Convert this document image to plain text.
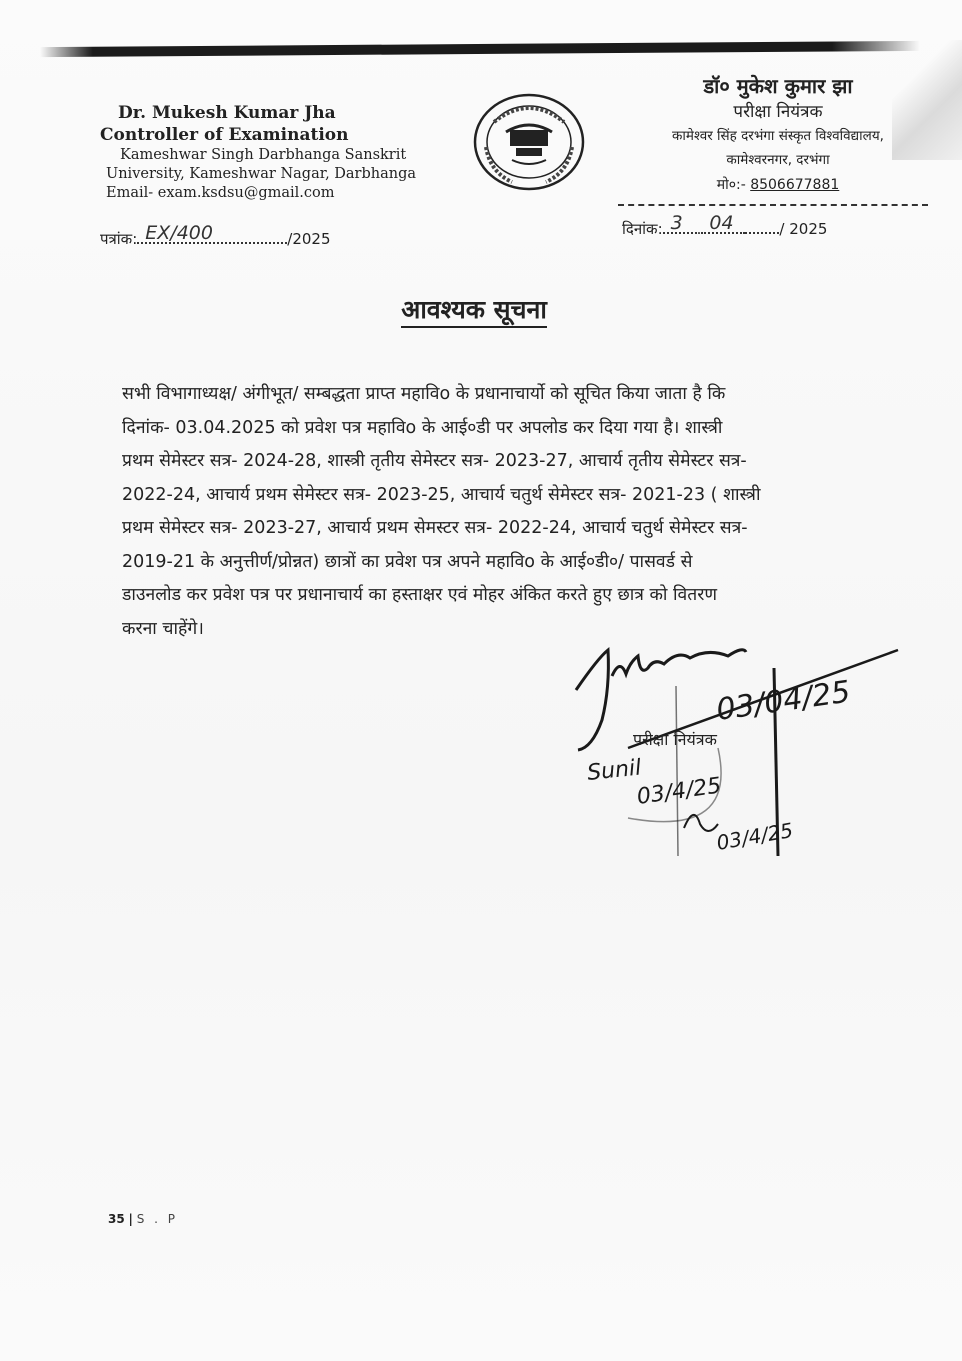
Dr. Mukesh Kumar Jha
Controller of Examination
Kameshwar Singh Darbhanga Sanskrit
University, Kameshwar Nagar, Darbhanga
Email- exam.ksdsu@gmail.com
डॉ० मुकेश कुमार झा
परीक्षा नियंत्रक
कामेश्वर सिंह दरभंगा संस्कृत विश्वविद्यालय,
कामेश्वरनगर, दरभंगा
मो०:- 8506677881
पत्रांक: EX/400	/2025
दिनांक: 3 . 04	/ 2025
आवश्यक सूचना
सभी विभागाध्यक्ष/ अंगीभूत/ सम्बद्धता प्राप्त महाविo के प्रधानाचार्यो को सूचित किया जाता है कि
दिनांक- 03.04.2025 को प्रवेश पत्र महाविo के आई०डी पर अपलोड कर दिया गया है। शास्त्री
प्रथम सेमेस्टर सत्र- 2024-28, शास्त्री तृतीय सेमेस्टर सत्र- 2023-27, आचार्य तृतीय सेमेस्टर सत्र-
2022-24, आचार्य प्रथम सेमेस्टर सत्र- 2023-25, आचार्य चतुर्थ सेमेस्टर सत्र- 2021-23 ( शास्त्री
प्रथम सेमेस्टर सत्र- 2023-27, आचार्य प्रथम सेमस्टर सत्र- 2022-24, आचार्य चतुर्थ सेमेस्टर सत्र-
2019-21 के अनुत्तीर्ण/प्रोन्नत) छात्रों का प्रवेश पत्र अपने महाविo के आई०डी०/ पासवर्ड से
डाउनलोड कर प्रवेश पत्र पर प्रधानाचार्य का हस्ताक्षर एवं मोहर अंकित करते हुए छात्र को वितरण
करना चाहेंगे।
03/04/25
Sunil
03/4/25
03/4/25
परीक्षा नियंत्रक
35 | S . P
